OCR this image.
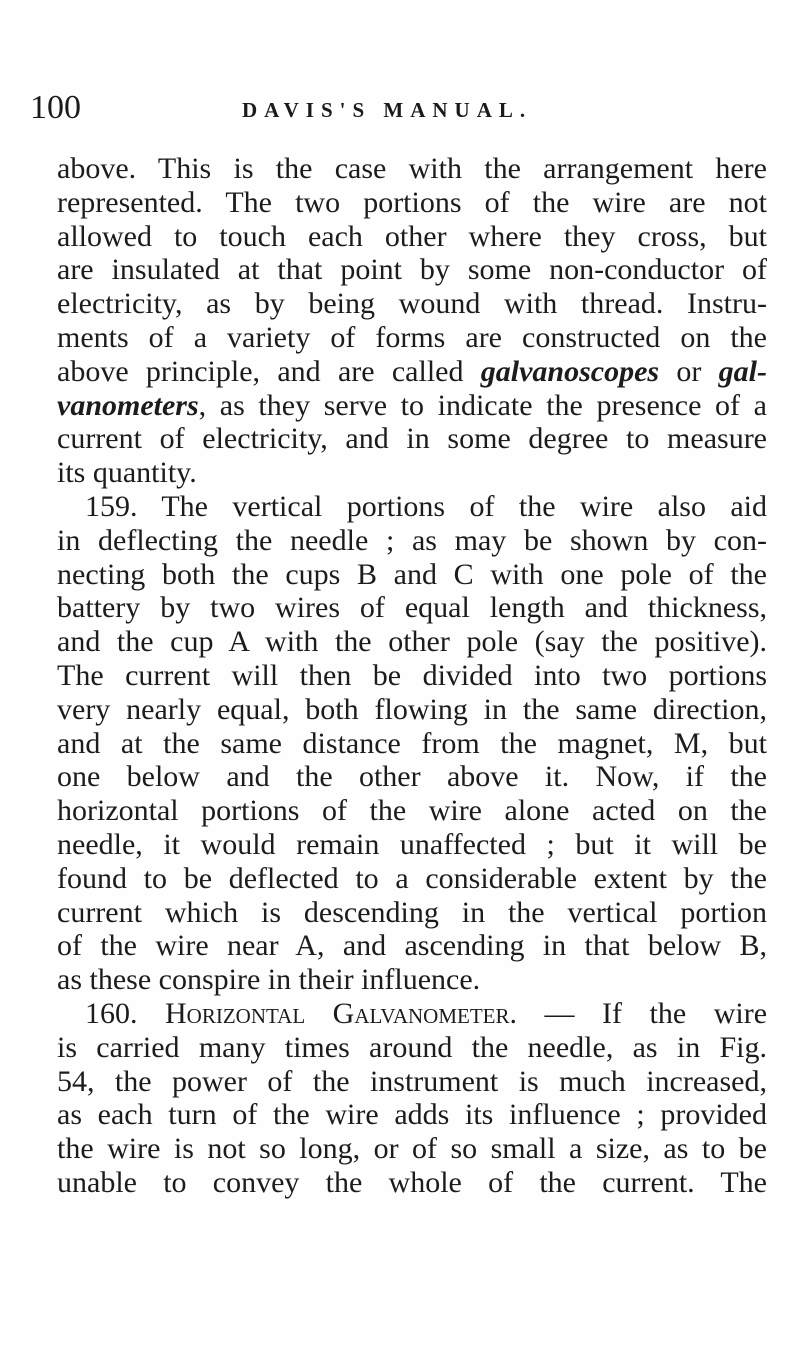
100	DAVIS'S MANUAL.
above. This is the case with the arrangement here
represented. The two portions of the wire are not
allowed to touch each other where they cross, but
are insulated at that point by some non-conductor of
electricity, as by being wound with thread. Instru-
ments of a variety of forms are constructed on the
above principle, and are called galvanoscopes or gal-
vanometers, as they serve to indicate the presence of a
current of electricity, and in some degree to measure
its quantity.
159. The vertical portions of the wire also aid
in deflecting the needle ; as may be shown by con-
necting both the cups B and C with one pole of the
battery by two wires of equal length and thickness,
and the cup A with the other pole (say the positive).
The current will then be divided into two portions
very nearly equal, both flowing in the same direction,
and at the same distance from the magnet, M, but
one below and the other above it. Now, if the
horizontal portions of the wire alone acted on the
needle, it would remain unaffected ; but it will be
found to be deflected to a considerable extent by the
current which is descending in the vertical portion
of the wire near A, and ascending in that below B,
as these conspire in their influence.
160. Horizontal Galvanometer. — If the wire
is carried many times around the needle, as in Fig.
54, the power of the instrument is much increased,
as each turn of the wire adds its influence ; provided
the wire is not so long, or of so small a size, as to be
unable to convey the whole of the current. The
